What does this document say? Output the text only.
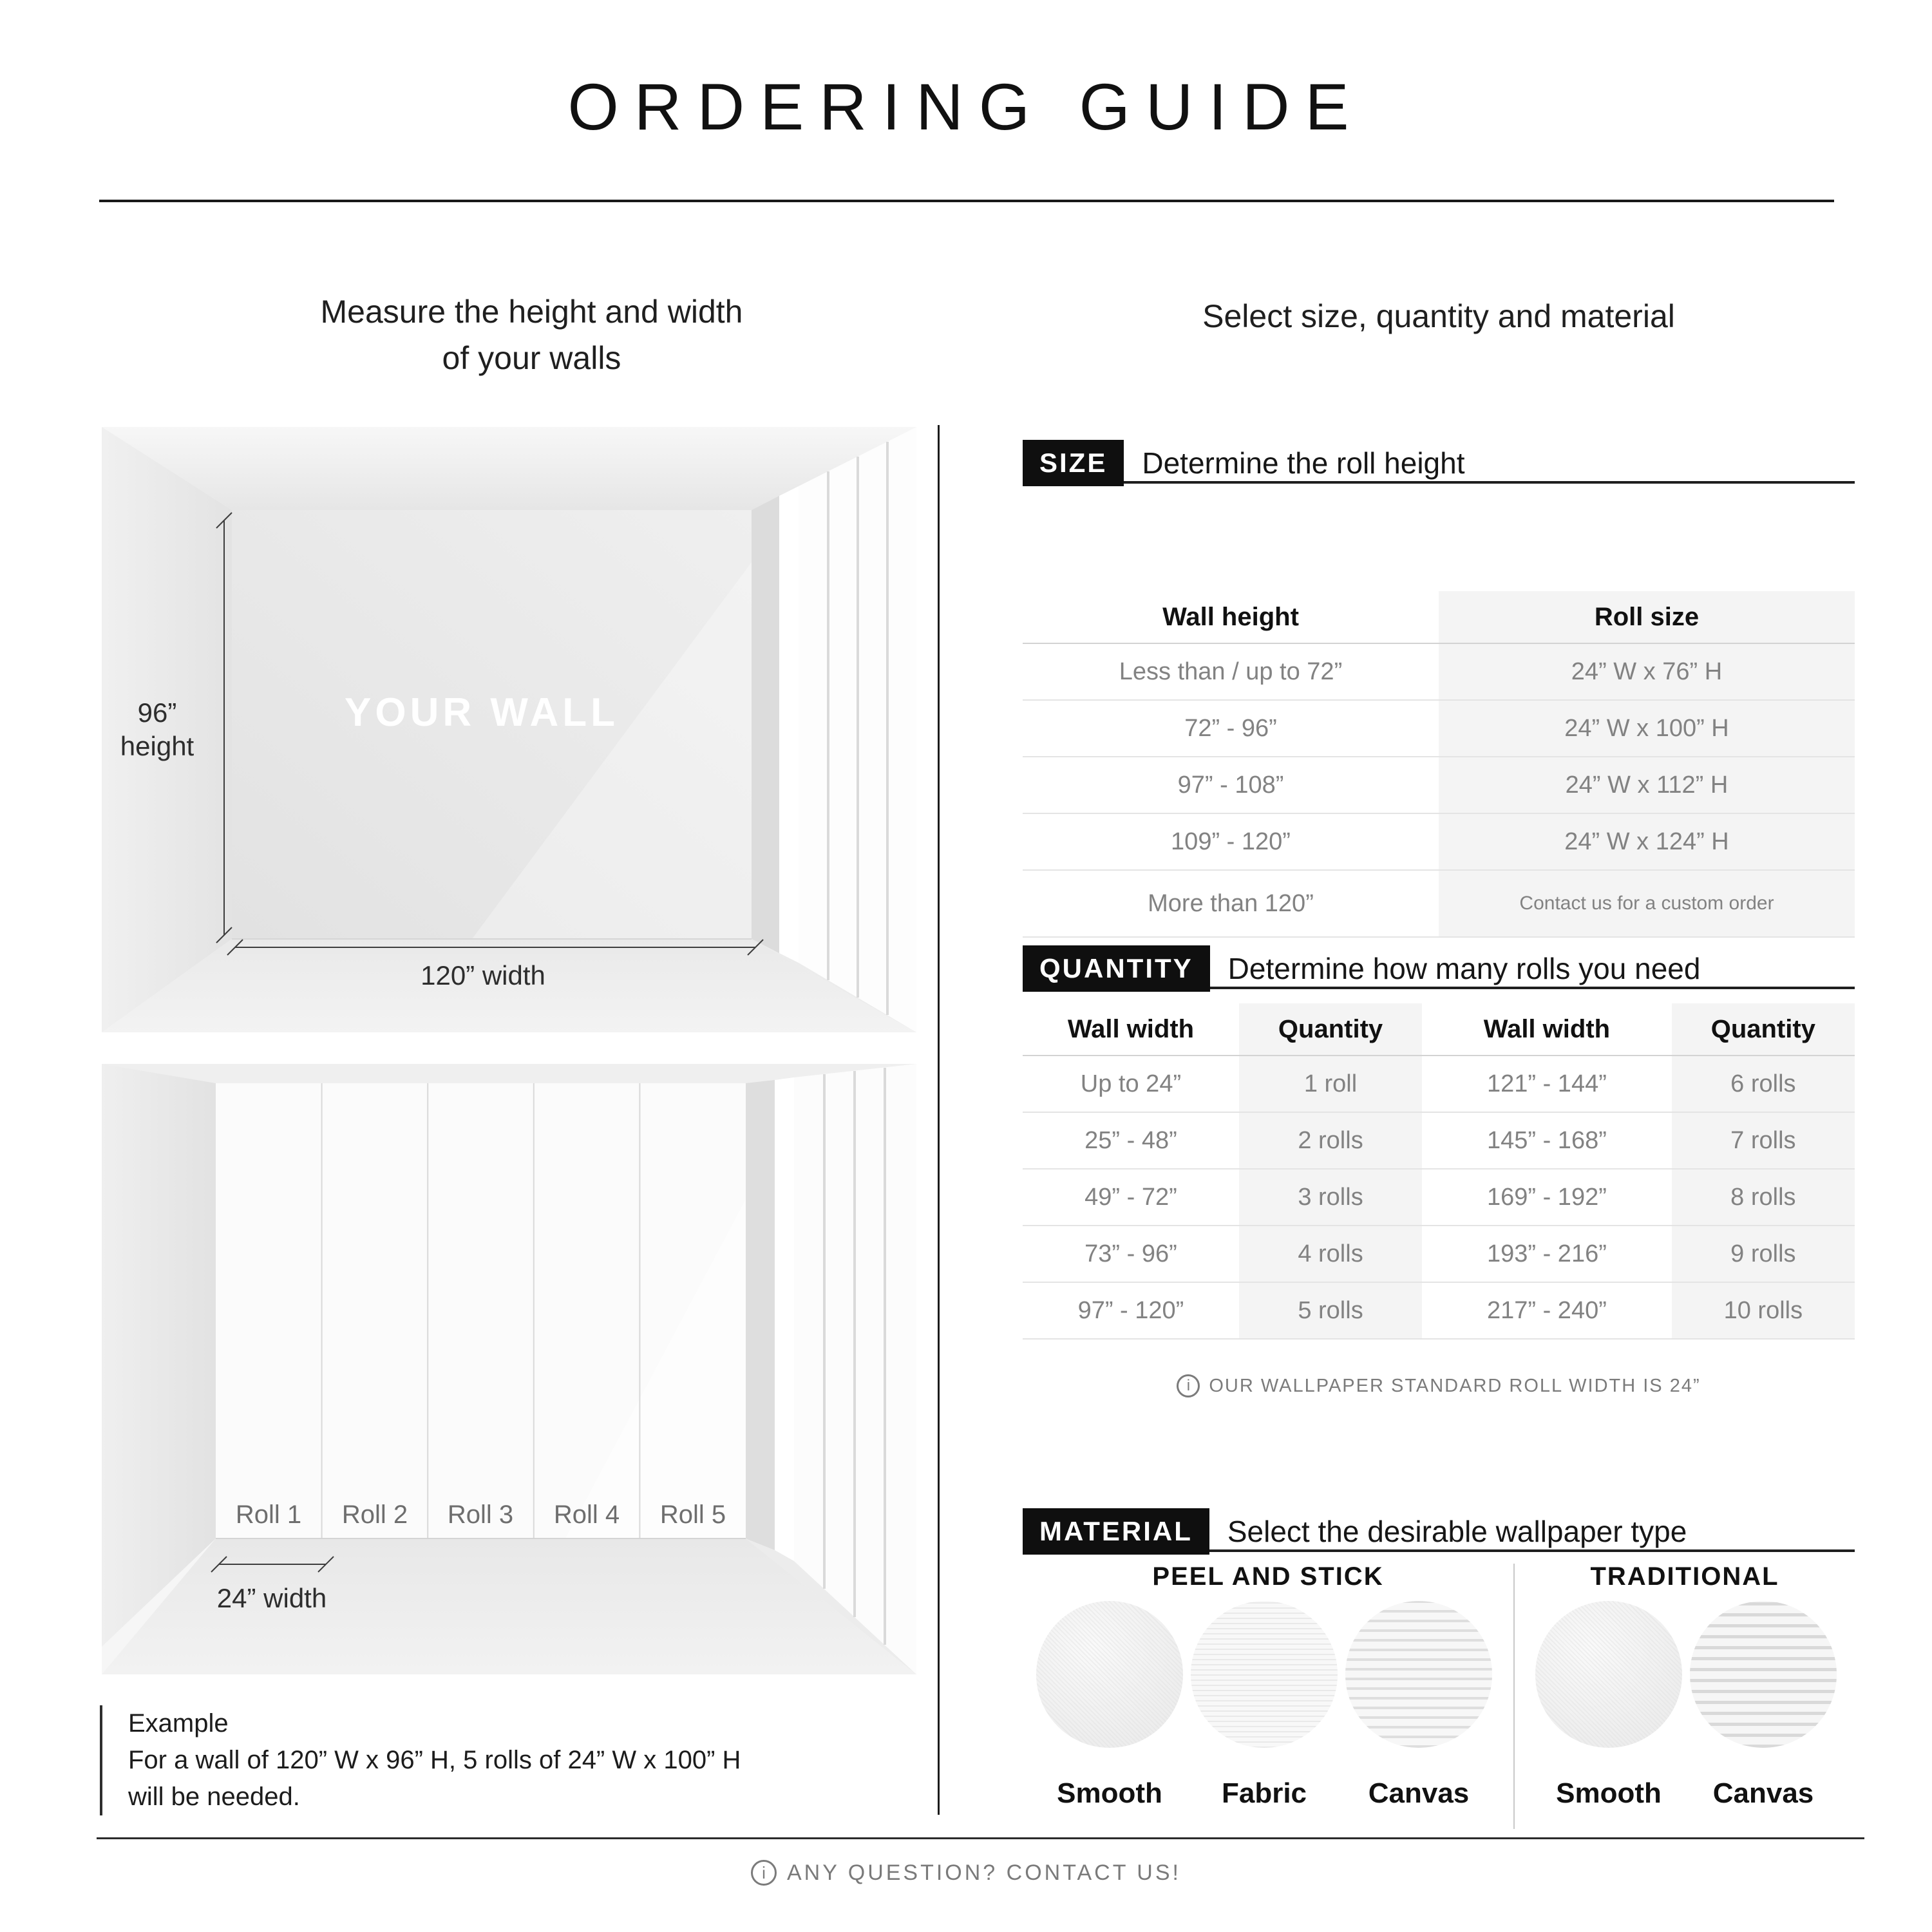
ORDERING GUIDE
Measure the height and width
of your walls
Select size, quantity and material
96”
height
YOUR WALL
120” width
Roll 1 Roll 2 Roll 3 Roll 4 Roll 5
24” width
Example
For a wall of 120” W x 96” H, 5 rolls of 24” W x 100” H
will be needed.
SIZE	Determine the roll height
Wall height	Roll size
Less than / up to 72”	24” W x 76” H
72” - 96”	24” W x 100” H
97” - 108”	24” W x 112” H
109” - 120”	24” W x 124” H
More than 120”	Contact us for a custom order
QUANTITY	Determine how many rolls you need
Wall width	Quantity	Wall width	Quantity
Up to 24”	1 roll	121” - 144”	6 rolls
25” - 48”	2 rolls	145” - 168”	7 rolls
49” - 72”	3 rolls	169” - 192”	8 rolls
73” - 96”	4 rolls	193” - 216”	9 rolls
97” - 120”	5 rolls	217” - 240”	10 rolls
i	OUR WALLPAPER STANDARD ROLL WIDTH IS 24”
MATERIAL	Select the desirable wallpaper type
PEEL AND STICK	TRADITIONAL
Smooth	Fabric	Canvas	Smooth	Canvas
i ANY QUESTION? CONTACT US!
